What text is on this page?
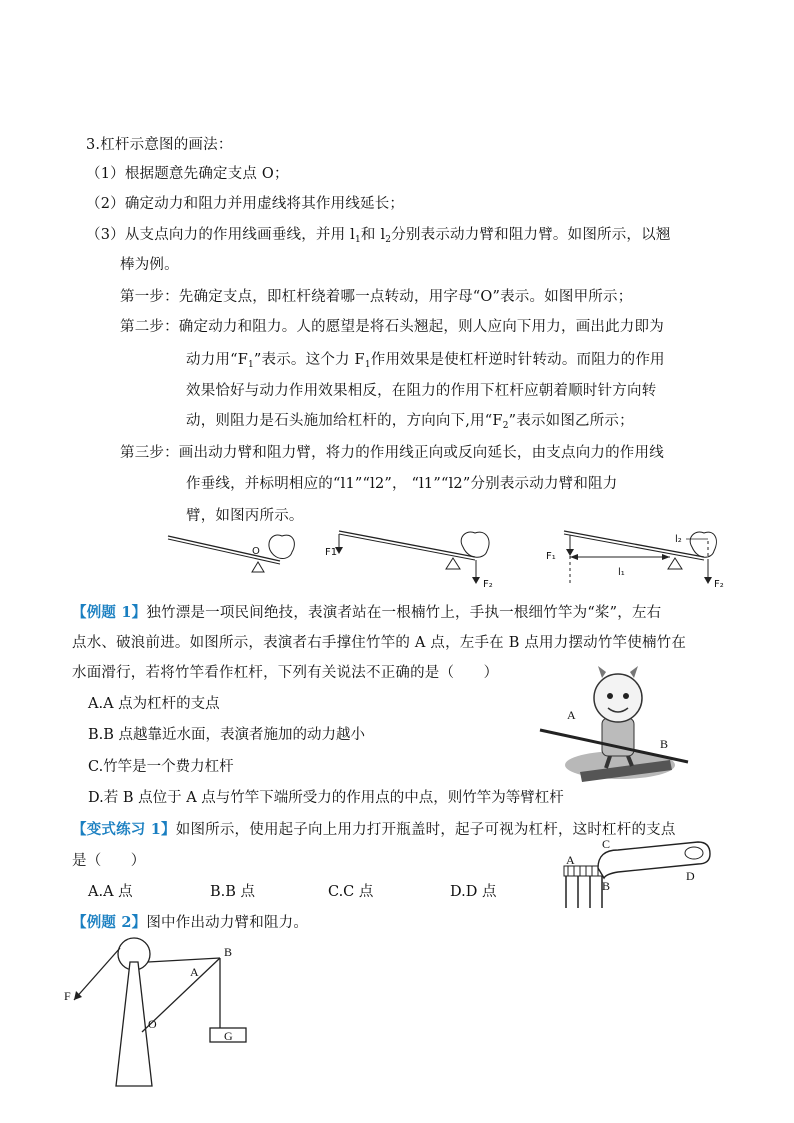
3.杠杆示意图的画法：
（1）根据题意先确定支点 O；
（2）确定动力和阻力并用虚线将其作用线延长；
（3）从支点向力的作用线画垂线，并用 $l_1$和 $l_2$分别表示动力臂和阻力臂。如图所示，以翘
棒为例。
第一步：先确定支点，即杠杆绕着哪一点转动，用字母“O”表示。如图甲所示；
第二步：确定动力和阻力。人的愿望是将石头翘起，则人应向下用力，画出此力即为
动力用“$F_1$”表示。这个力 $F_1$作用效果是使杠杆逆时针转动。而阻力的作用
效果恰好与动力作用效果相反，在阻力的作用下杠杆应朝着顺时针方向转
动，则阻力是石头施加给杠杆的，方向向下,用“$F_2$”表示如图乙所示；
第三步：画出动力臂和阻力臂，将力的作用线正向或反向延长，由支点向力的作用线
作垂线，并标明相应的“l1”“l2”， “l1”“l2”分别表示动力臂和阻力
臂，如图丙所示。
O	F1
F₂
F₁
l₁
l₂
F₂
【例题 1】独竹漂是一项民间绝技，表演者站在一根楠竹上，手执一根细竹竿为“桨”，左右
点水、破浪前进。如图所示，表演者右手撑住竹竿的 A 点，左手在 B 点用力摆动竹竿使楠竹在
水面滑行，若将竹竿看作杠杆，下列有关说法不正确的是（　　）
A.A 点为杠杆的支点
B.B 点越靠近水面，表演者施加的动力越小
C.竹竿是一个费力杠杆
D.若 B 点位于 A 点与竹竿下端所受力的作用点的中点，则竹竿为等臂杠杆
A
B
【变式练习 1】如图所示，使用起子向上用力打开瓶盖时，起子可视为杠杆，这时杠杆的支点
是（　　）
A.A 点	B.B 点	C.C 点	D.D 点
A
C
B
D
【例题 2】图中作出动力臂和阻力。
F
A
B
O
G
